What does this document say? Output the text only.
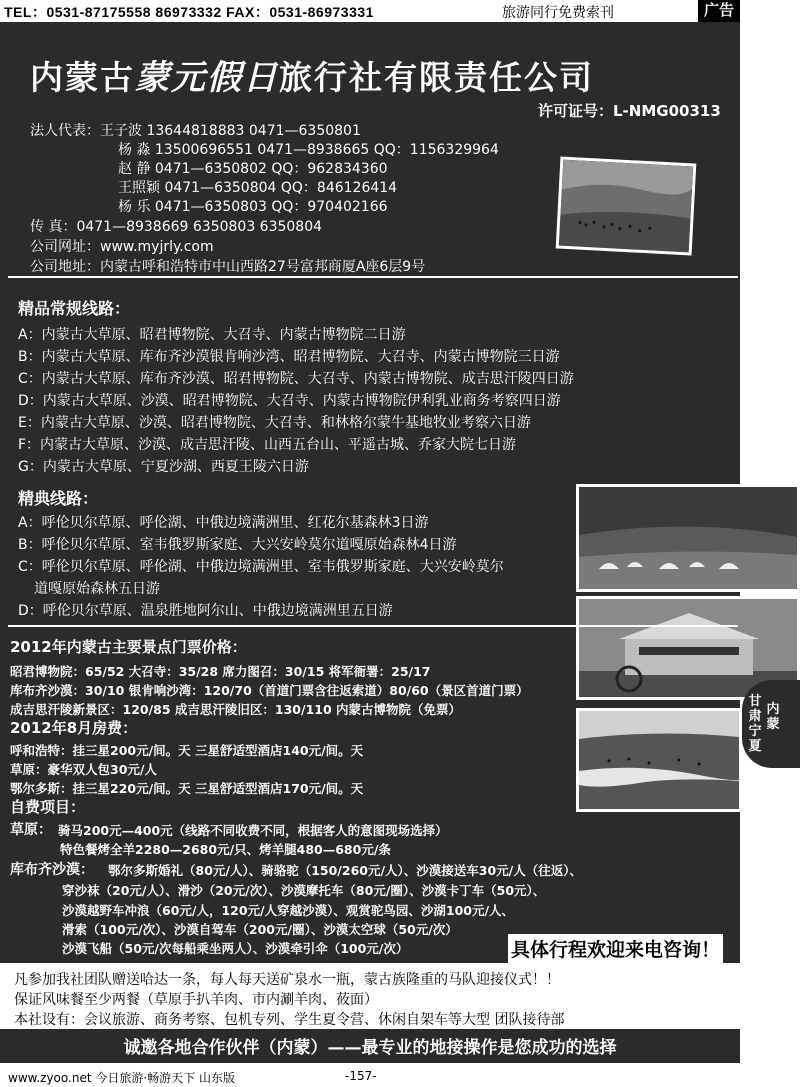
TEL：0531-87175558 86973332 FAX：0531-86973331	旅游同行免费索刊	广告
内蒙古蒙元假日旅行社有限责任公司
许可证号：L-NMG00313
法人代表：王子波 13644818883 0471—6350801
杨 淼 13500696551 0471—8938665 QQ：1156329964
赵 静 0471—6350802 QQ：962834360
王照颖 0471—6350804 QQ：846126414
杨 乐 0471—6350803 QQ：970402166
传 真：0471—8938669 6350803 6350804
公司网址：www.myjrly.com
公司地址：内蒙古呼和浩特市中山西路27号富邦商厦A座6层9号
精品常规线路：
A：内蒙古大草原、昭君博物院、大召寺、内蒙古博物院二日游
B：内蒙古大草原、库布齐沙漠银肯响沙湾、昭君博物院、大召寺、内蒙古博物院三日游
C：内蒙古大草原、库布齐沙漠、昭君博物院、大召寺、内蒙古博物院、成吉思汗陵四日游
D：内蒙古大草原、沙漠、昭君博物院、大召寺、内蒙古博物院伊利乳业商务考察四日游
E：内蒙古大草原、沙漠、昭君博物院、大召寺、和林格尔蒙牛基地牧业考察六日游
F：内蒙古大草原、沙漠、成吉思汗陵、山西五台山、平遥古城、乔家大院七日游
G：内蒙古大草原、宁夏沙湖、西夏王陵六日游
精典线路：
A：呼伦贝尔草原、呼伦湖、中俄边境满洲里、红花尔基森林3日游
B：呼伦贝尔草原、室韦俄罗斯家庭、大兴安岭莫尔道嘎原始森林4日游
C：呼伦贝尔草原、呼伦湖、中俄边境满洲里、室韦俄罗斯家庭、大兴安岭莫尔
道嘎原始森林五日游
D：呼伦贝尔草原、温泉胜地阿尔山、中俄边境满洲里五日游
2012年内蒙古主要景点门票价格：
昭君博物院：65/52 大召寺：35/28 席力图召：30/15 将军衙署：25/17
库布齐沙漠：30/10 银肯响沙湾：120/70（首道门票含往返索道）80/60（景区首道门票）
成吉思汗陵新景区：120/85 成吉思汗陵旧区：130/110 内蒙古博物院（免票）
2012年8月房费：
呼和浩特：挂三星200元/间。天 三星舒适型酒店140元/间。天
草原：豪华双人包30元/人
鄂尔多斯：挂三星220元/间。天 三星舒适型酒店170元/间。天
自费项目：
草原： 骑马200元—400元（线路不同收费不同，根据客人的意图现场选择）
特色餐烤全羊2280—2680元/只、烤羊腿480—680元/条
库布齐沙漠： 鄂尔多斯婚礼（80元/人）、骑骆驼（150/260元/人）、沙漠接送车30元/人（往返）、
穿沙袜（20元/人）、滑沙（20元/次）、沙漠摩托车（80元/圈）、沙漠卡丁车（50元）、
沙漠越野车冲浪（60元/人，120元/人穿越沙漠）、观赏驼鸟园、沙湖100元/人、
滑索（100元/次）、沙漠自驾车（200元/圈）、沙漠太空球（50元/次）
沙漠飞船（50元/次每船乘坐两人）、沙漠牵引伞（100元/次）	具体行程欢迎来电咨询！
凡参加我社团队赠送哈达一条，每人每天送矿泉水一瓶，蒙古族隆重的马队迎接仪式！！
保证风味餐至少两餐（草原手扒羊肉、市内涮羊肉、莜面）
本社设有：会议旅游、商务考察、包机专列、学生夏令营、休闲自架车等大型 团队接待部
诚邀各地合作伙伴（内蒙）——最专业的地接操作是您成功的选择
www.zyoo.net 今日旅游·畅游天下 山东版	-157-
甘肃宁夏
内蒙
